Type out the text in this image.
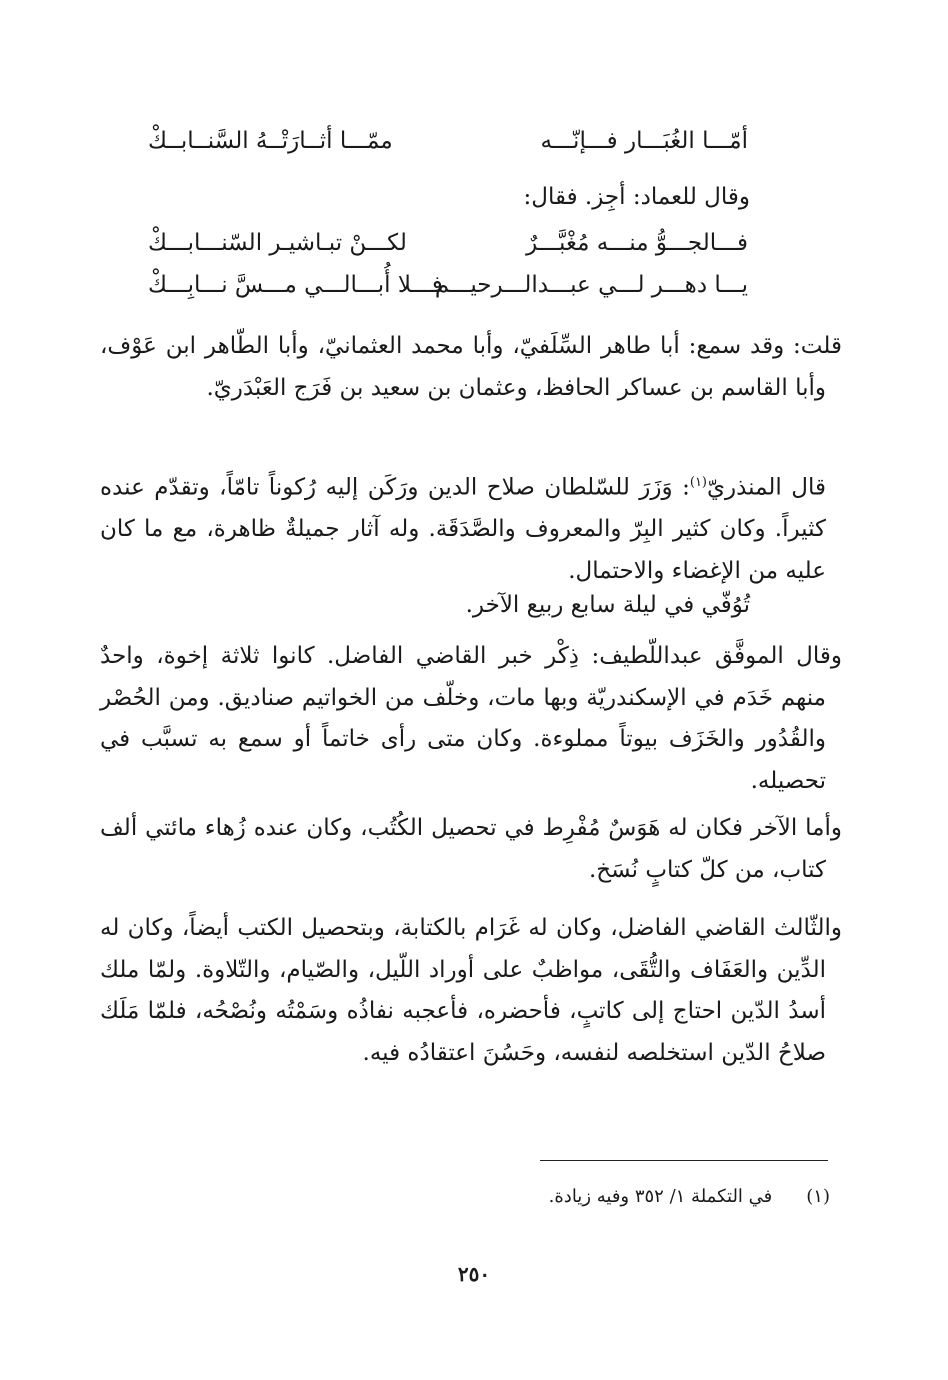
أمّـــا الغُبَـــار فـــإنّـــه
ممّـــا أثــارَتْــهُ السَّنــابــكْ
وقال للعماد: أجِز. فقال:
فـــالجـــوُّ منـــه مُغْبَّـــرٌ
لكـــنْ تبـاشيـر السّنـــابـــكْ
يـــا دهـــر لـــي عبـــدالـــرحيـــم
فـــلا أُبـــالـــي مـــسَّ نـــابِـــكْ

قلت: وقد سمع: أبا طاهر السِّلَفيّ، وأبا محمد العثمانيّ، وأبا الطّاهر ابن عَوْف، وأبا القاسم بن عساكر الحافظ، وعثمان بن سعيد بن فَرَج العَبْدَريّ.

قال المنذريّ$^{(١)}$: وَزَرَ للسّلطان صلاح الدين ورَكَن إليه رُكوناً تامّاً، وتقدّم عنده كثيراً. وكان كثير البِرّ والمعروف والصَّدَقَة. وله آثار جميلةٌ ظاهرة، مع ما كان عليه من الإغضاء والاحتمال.

تُوُفّي في ليلة سابع ربيع الآخر.

وقال الموفَّق عبداللّطيف: ذِكْر خبر القاضي الفاضل. كانوا ثلاثة إخوة، واحدٌ منهم خَدَم في الإسكندريّة وبها مات، وخلّف من الخواتيم صناديق. ومن الحُصْر والقُدُور والخَزَف بيوتاً مملوءة. وكان متى رأى خاتماً أو سمع به تسبَّب في تحصيله.

وأما الآخر فكان له هَوَسٌ مُفْرِط في تحصيل الكُتُب، وكان عنده زُهاء مائتي ألف كتاب، من كلّ كتابٍ نُسَخ.

والثّالث القاضي الفاضل، وكان له غَرَام بالكتابة، وبتحصيل الكتب أيضاً، وكان له الدِّين والعَفَاف والتُّقَى، مواظبٌ على أوراد اللّيل، والصّيام، والتّلاوة. ولمّا ملك أسدُ الدّين احتاج إلى كاتبٍ، فأحضره، فأعجبه نفاذُه وسَمْتُه ونُصْحُه، فلمّا مَلَك صلاحُ الدّين استخلصه لنفسه، وحَسُنَ اعتقادُه فيه.

(١)في التكملة ١/ ٣٥٢ وفيه زيادة.
٢٥٠
